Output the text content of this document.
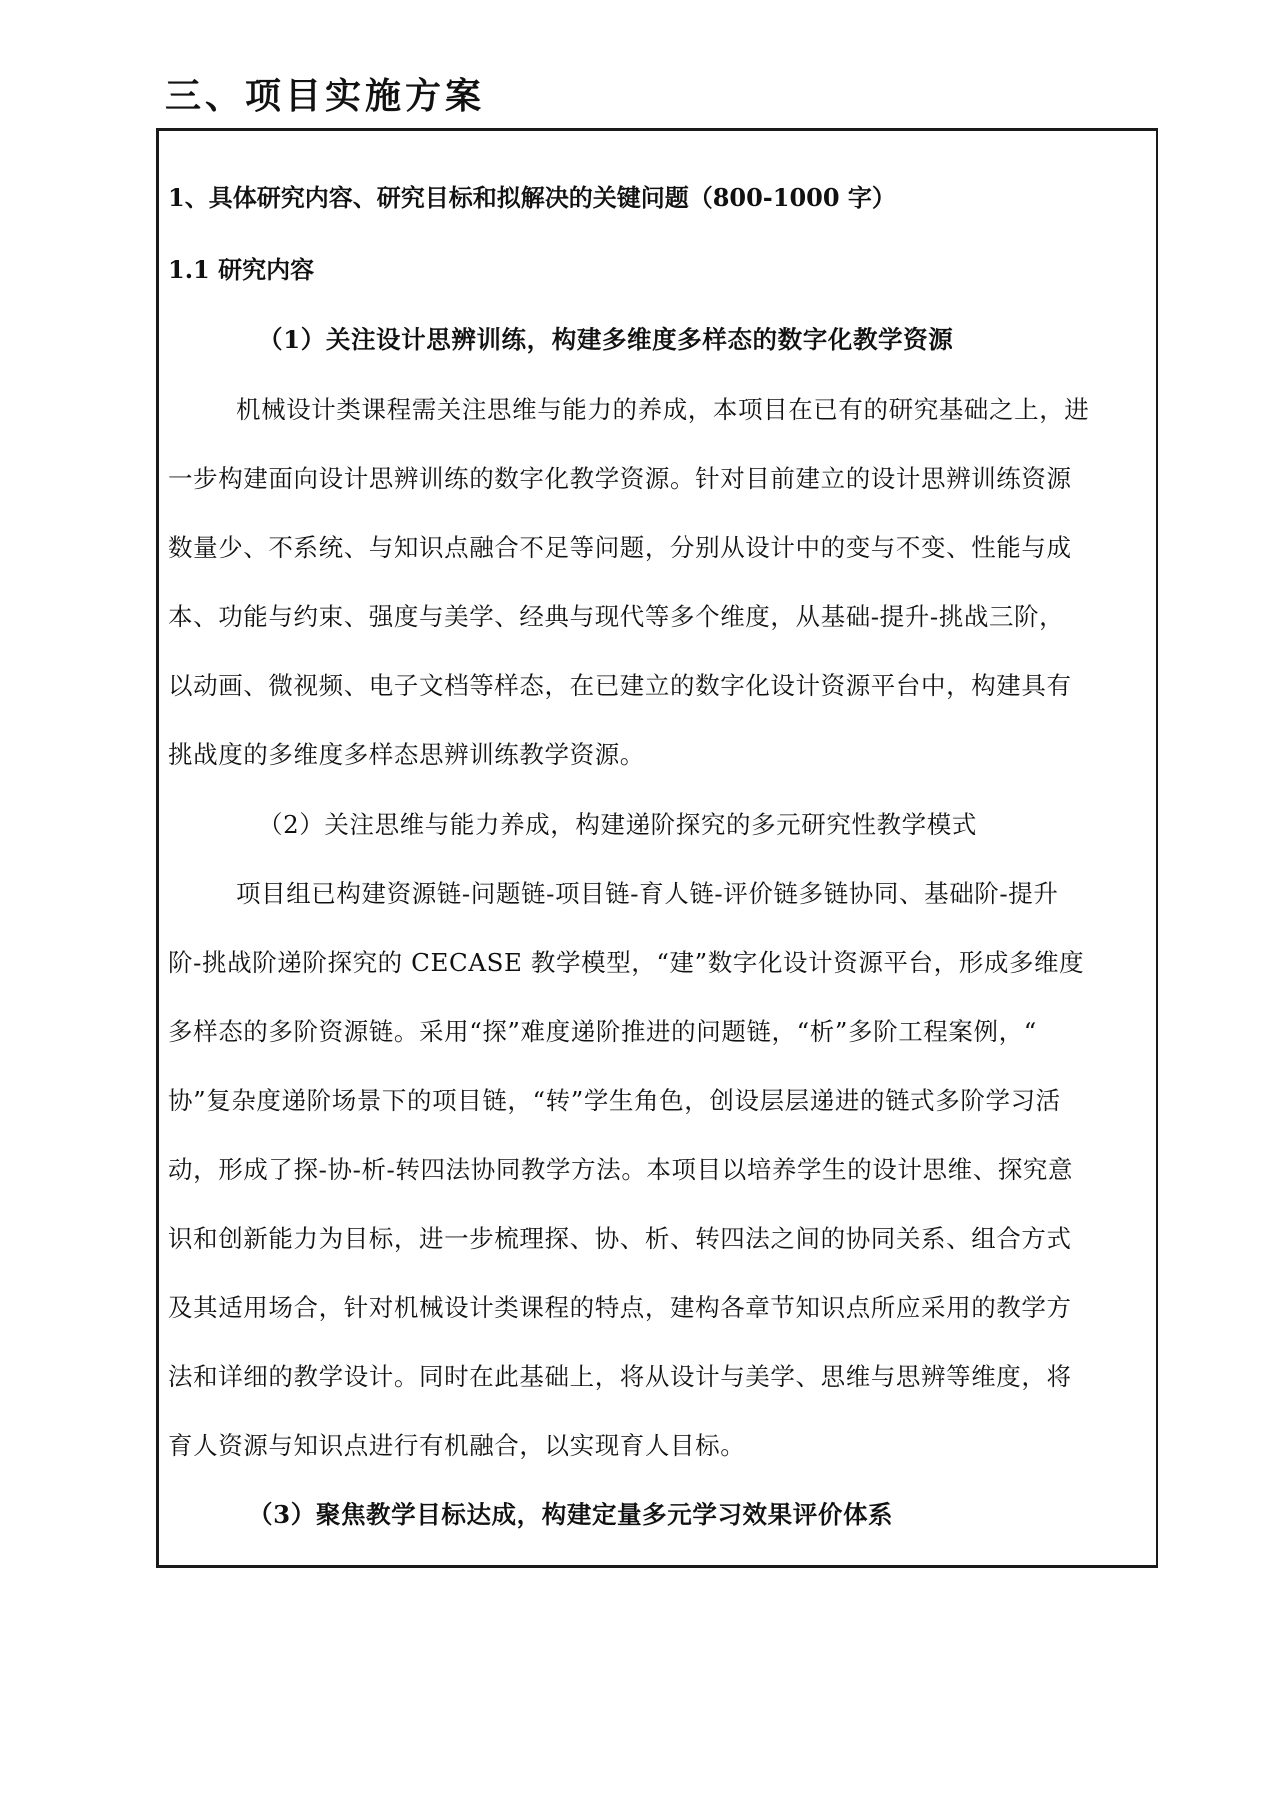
三、项目实施方案
1、具体研究内容、研究目标和拟解决的关键问题（800-1000 字）
1.1 研究内容
（1）关注设计思辨训练，构建多维度多样态的数字化教学资源
机械设计类课程需关注思维与能力的养成，本项目在已有的研究基础之上，进
一步构建面向设计思辨训练的数字化教学资源。针对目前建立的设计思辨训练资源
数量少、不系统、与知识点融合不足等问题，分别从设计中的变与不变、性能与成
本、功能与约束、强度与美学、经典与现代等多个维度，从基础-提升-挑战三阶，
以动画、微视频、电子文档等样态，在已建立的数字化设计资源平台中，构建具有
挑战度的多维度多样态思辨训练教学资源。
（2）关注思维与能力养成，构建递阶探究的多元研究性教学模式
项目组已构建资源链-问题链-项目链-育人链-评价链多链协同、基础阶-提升
阶-挑战阶递阶探究的 CECASE 教学模型，“建”数字化设计资源平台，形成多维度
多样态的多阶资源链。采用“探”难度递阶推进的问题链，“析”多阶工程案例，“
协”复杂度递阶场景下的项目链，“转”学生角色，创设层层递进的链式多阶学习活
动，形成了探-协-析-转四法协同教学方法。本项目以培养学生的设计思维、探究意
识和创新能力为目标，进一步梳理探、协、析、转四法之间的协同关系、组合方式
及其适用场合，针对机械设计类课程的特点，建构各章节知识点所应采用的教学方
法和详细的教学设计。同时在此基础上，将从设计与美学、思维与思辨等维度，将
育人资源与知识点进行有机融合，以实现育人目标。
（3）聚焦教学目标达成，构建定量多元学习效果评价体系
